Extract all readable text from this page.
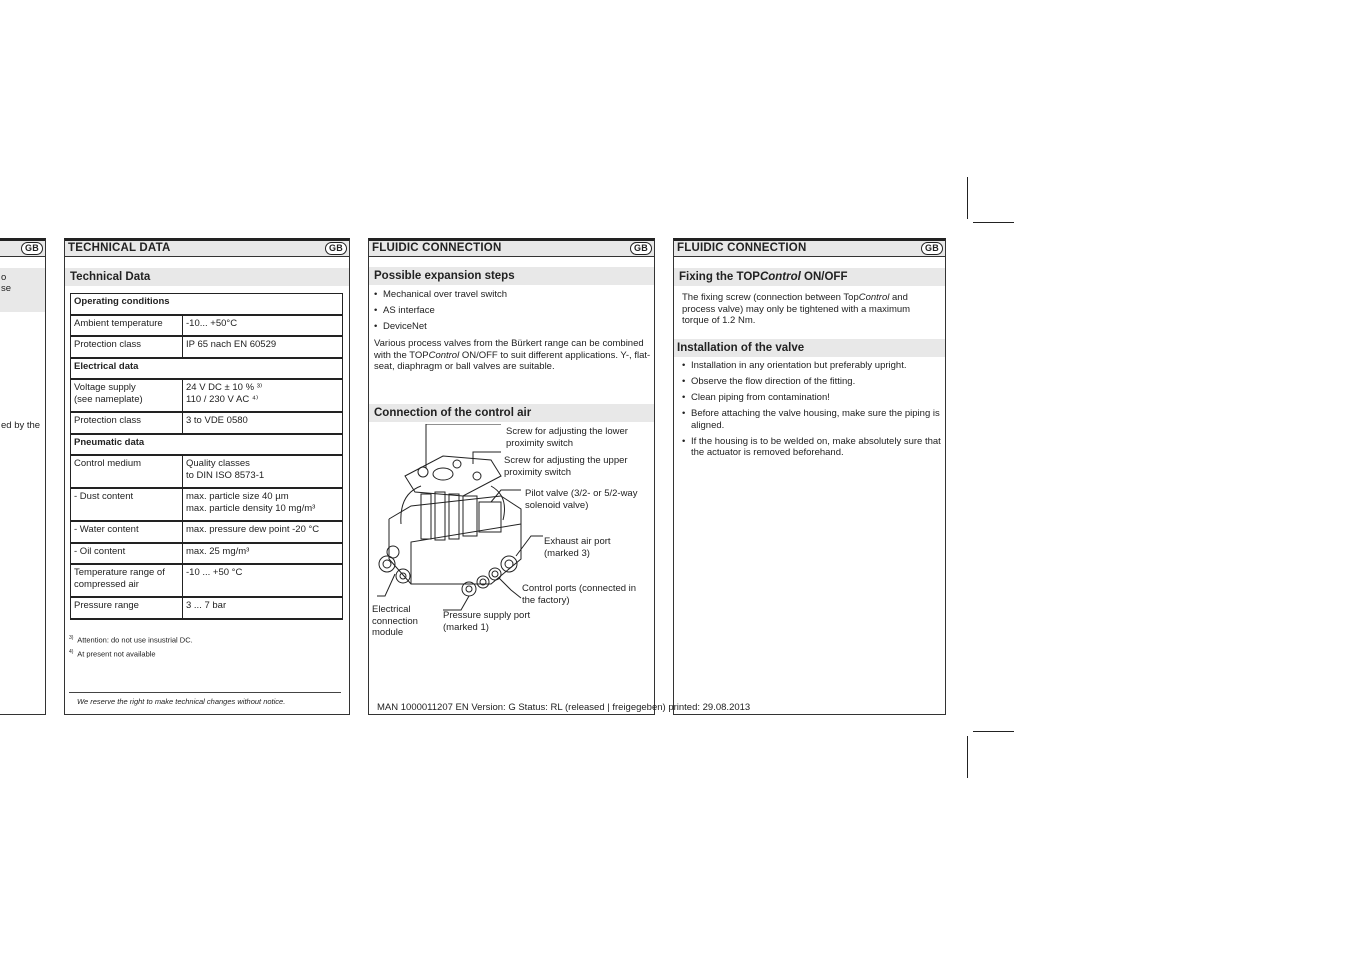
GB
o
se
ed by the
TECHNICAL DATA	GB
Technical Data
Operating conditions	
Ambient temperature	-10... +50°C
Protection class	IP 65 nach EN 60529
Electrical data	
Voltage supply
(see nameplate)	24 V DC ± 10 % ³⁾
110 / 230 V AC ⁴⁾
Protection class	3 to VDE 0580
Pneumatic data	
Control medium	Quality classes
to DIN ISO 8573-1
- Dust content	max. particle size 40 µm
max. particle density 10 mg/m³
- Water content	max. pressure dew point -20 °C
- Oil content	max. 25 mg/m³
Temperature range of
compressed air	-10 ... +50 °C
Pressure range	3 ... 7 bar
$^{3)}$ Attention: do not use insustrial DC.
$^{4)}$ At present not available
We reserve the right to make technical changes without notice.
FLUIDIC CONNECTION	GB
Possible expansion steps
• Mechanical over travel switch
• AS interface
• DeviceNet
Various process valves from the Bürkert range can be combined with the TOPControl ON/OFF to suit different applications. Y-, flat-seat, diaphragm or ball valves are suitable.
Connection of the control air
Screw for adjusting the lower
proximity switch
Screw for adjusting the upper
proximity switch
Pilot valve (3/2- or 5/2-way
solenoid valve)
Exhaust air port
(marked 3)
Control ports (connected in
the factory)
Pressure supply port
(marked 1)
Electrical
connection
module
FLUIDIC CONNECTION	GB
Fixing the TOPControl ON/OFF
The fixing screw (connection between TopControl and process valve) may only be tightened with a maximum torque of 1.2 Nm.
Installation of the valve
• Installation in any orientation but preferably upright.
• Observe the flow direction of the fitting.
• Clean piping from contamination!
• Before attaching the valve housing, make sure the piping is aligned.
• If the housing is to be welded on, make absolutely sure that the actuator is removed beforehand.
MAN 1000011207 EN Version: G Status: RL (released | freigegeben) printed: 29.08.2013
